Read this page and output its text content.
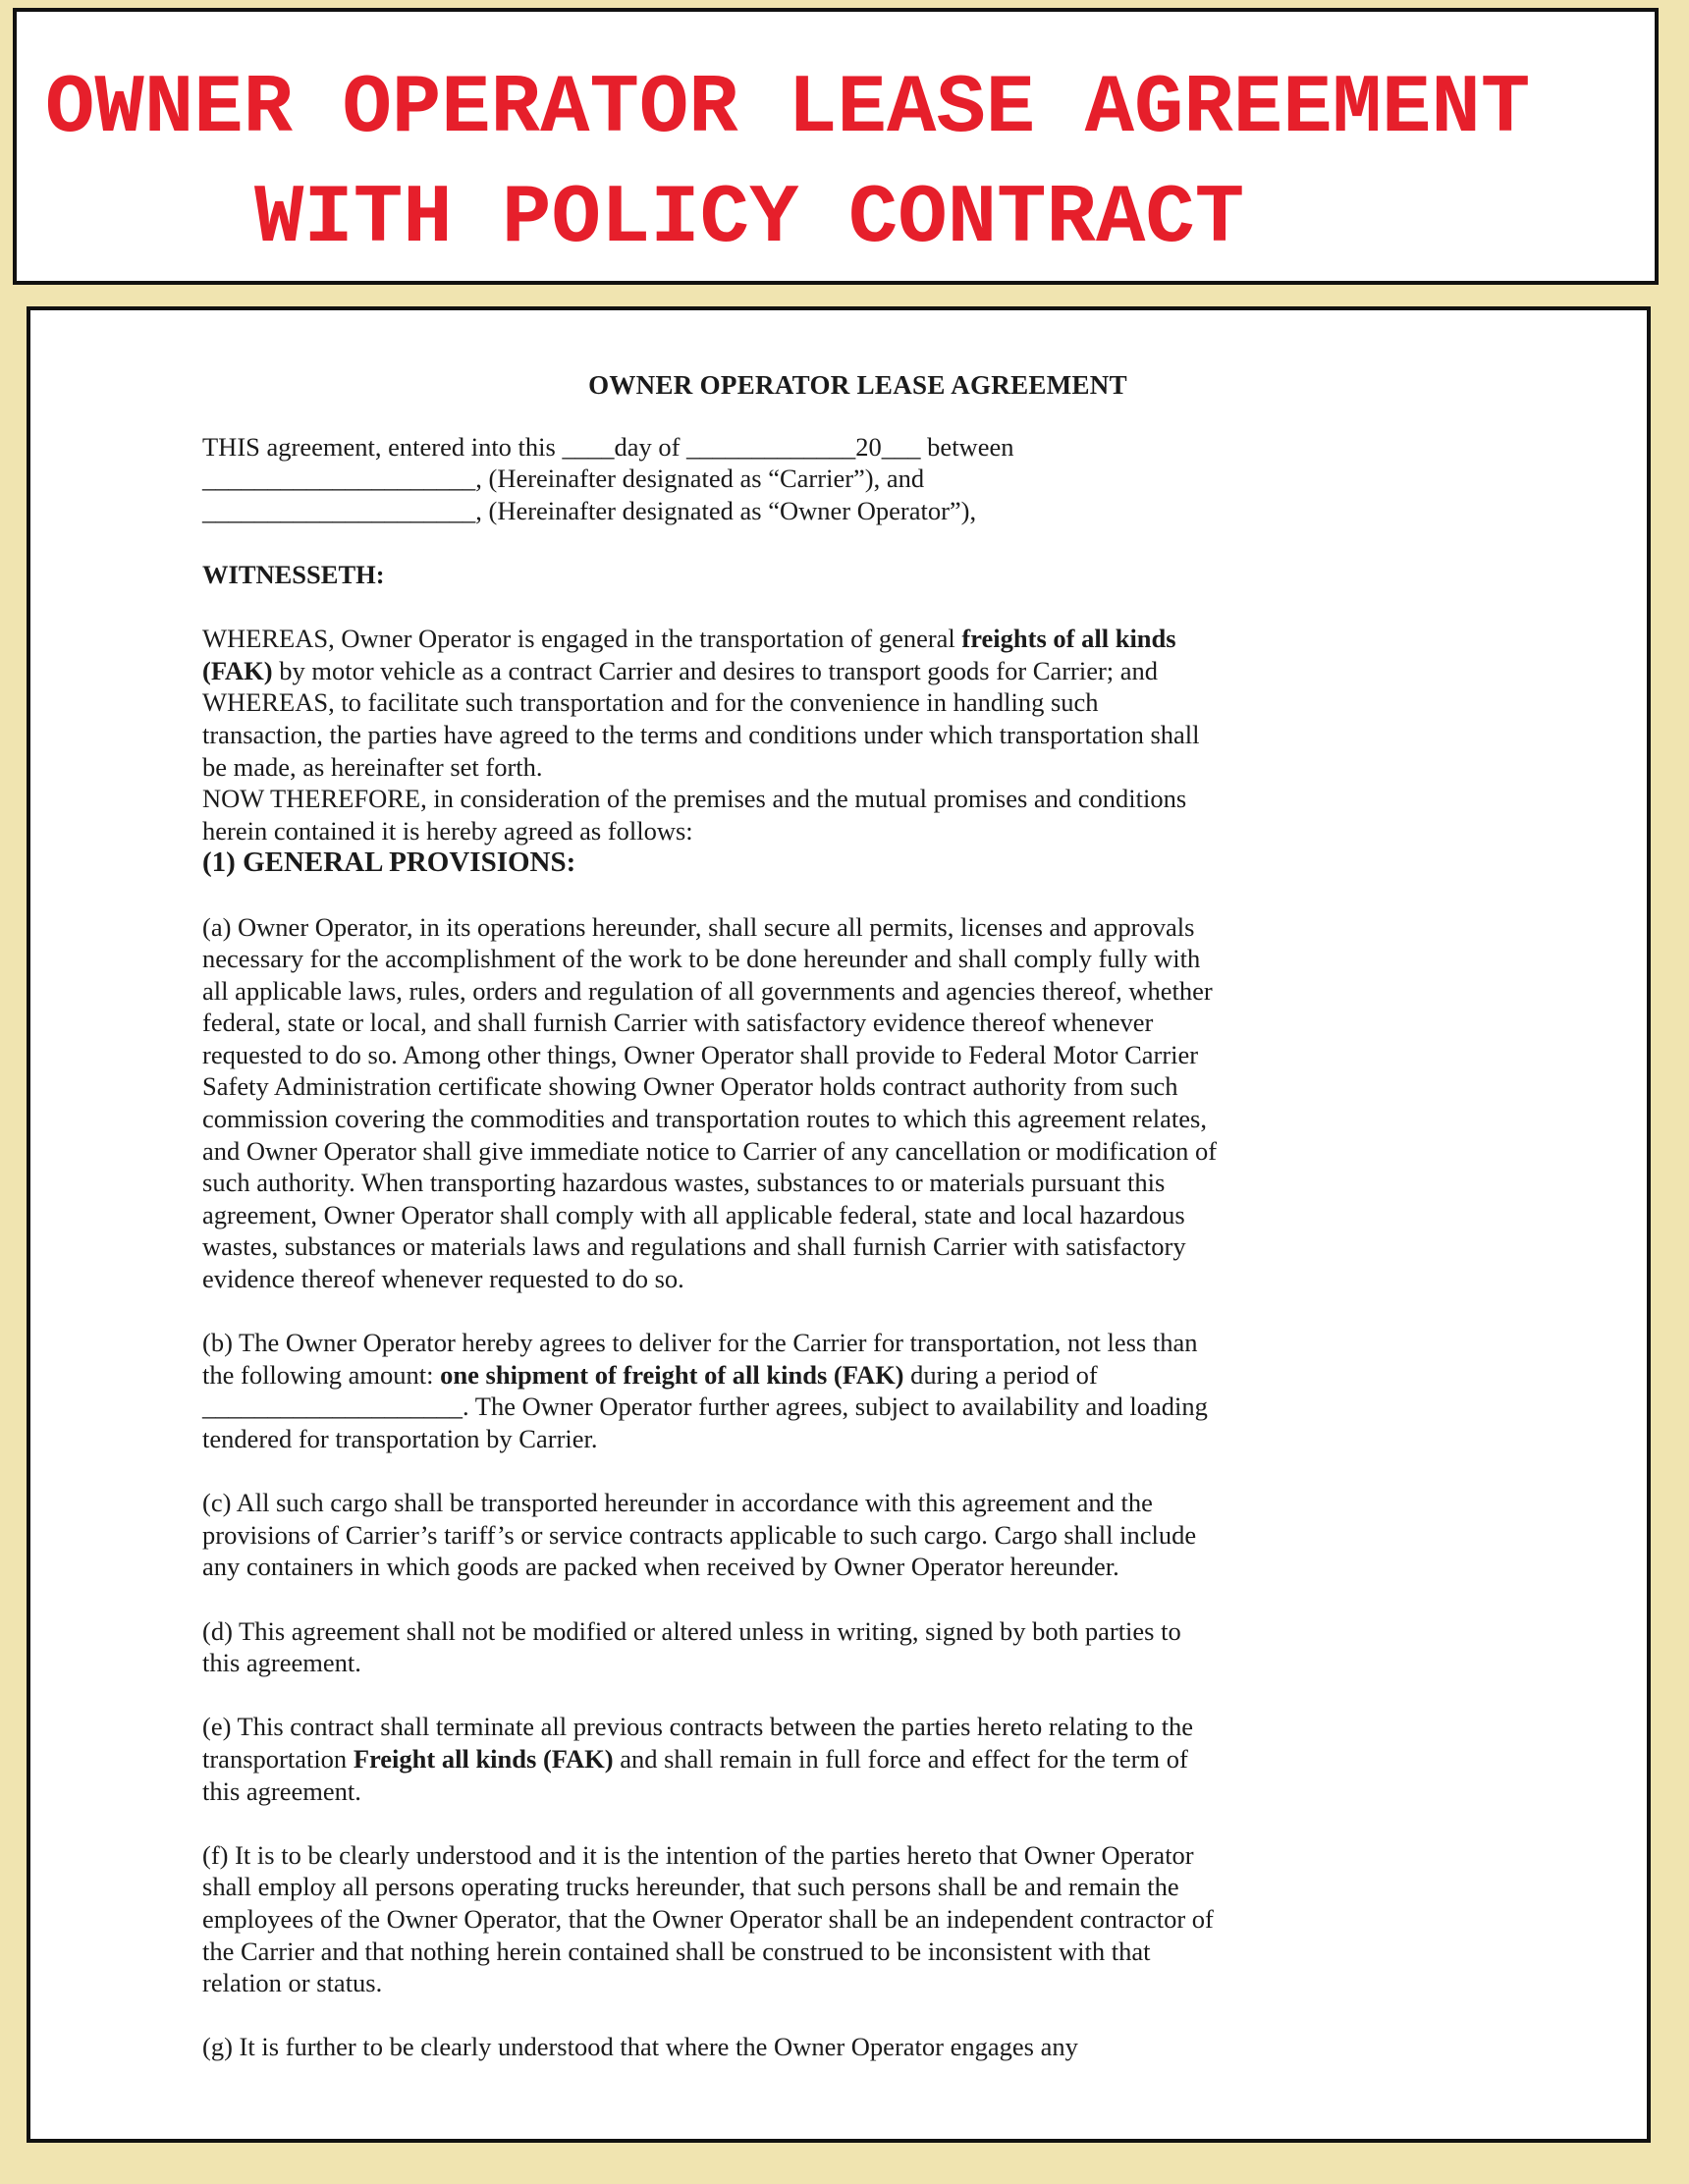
OWNER OPERATOR LEASE AGREEMENT

WITH POLICY CONTRACT

OWNER OPERATOR LEASE AGREEMENT

THIS agreement, entered into this ____day of _____________20___ between

_____________________, (Hereinafter designated as “Carrier”), and

_____________________, (Hereinafter designated as “Owner Operator”),

WITNESSETH:

WHEREAS, Owner Operator is engaged in the transportation of general freights of all kinds

(FAK) by motor vehicle as a contract Carrier and desires to transport goods for Carrier; and

WHEREAS, to facilitate such transportation and for the convenience in handling such

transaction, the parties have agreed to the terms and conditions under which transportation shall

be made, as hereinafter set forth.

NOW THEREFORE, in consideration of the premises and the mutual promises and conditions

herein contained it is hereby agreed as follows:

(1) GENERAL PROVISIONS:

(a) Owner Operator, in its operations hereunder, shall secure all permits, licenses and approvals

necessary for the accomplishment of the work to be done hereunder and shall comply fully with

all applicable laws, rules, orders and regulation of all governments and agencies thereof, whether

federal, state or local, and shall furnish Carrier with satisfactory evidence thereof whenever

requested to do so. Among other things, Owner Operator shall provide to Federal Motor Carrier

Safety Administration certificate showing Owner Operator holds contract authority from such

commission covering the commodities and transportation routes to which this agreement relates,

and Owner Operator shall give immediate notice to Carrier of any cancellation or modification of

such authority. When transporting hazardous wastes, substances to or materials pursuant this

agreement, Owner Operator shall comply with all applicable federal, state and local hazardous

wastes, substances or materials laws and regulations and shall furnish Carrier with satisfactory

evidence thereof whenever requested to do so.

(b) The Owner Operator hereby agrees to deliver for the Carrier for transportation, not less than

the following amount: one shipment of freight of all kinds (FAK) during a period of

____________________. The Owner Operator further agrees, subject to availability and loading

tendered for transportation by Carrier.

(c) All such cargo shall be transported hereunder in accordance with this agreement and the

provisions of Carrier’s tariff’s or service contracts applicable to such cargo. Cargo shall include

any containers in which goods are packed when received by Owner Operator hereunder.

(d) This agreement shall not be modified or altered unless in writing, signed by both parties to

this agreement.

(e) This contract shall terminate all previous contracts between the parties hereto relating to the

transportation Freight all kinds (FAK) and shall remain in full force and effect for the term of

this agreement.

(f) It is to be clearly understood and it is the intention of the parties hereto that Owner Operator

shall employ all persons operating trucks hereunder, that such persons shall be and remain the

employees of the Owner Operator, that the Owner Operator shall be an independent contractor of

the Carrier and that nothing herein contained shall be construed to be inconsistent with that

relation or status.

(g) It is further to be clearly understood that where the Owner Operator engages any
